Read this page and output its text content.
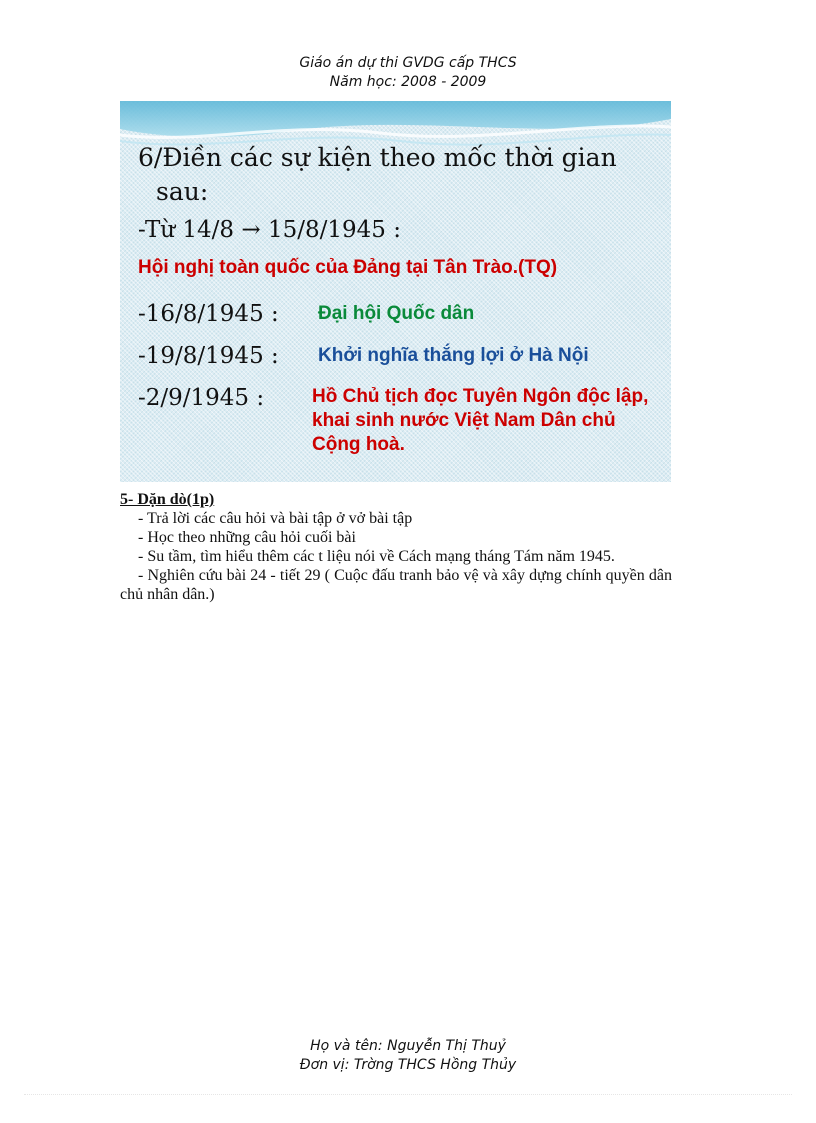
Giáo án dự thi GVDG cấp THCS
Năm học: 2008 - 2009
6/Điền các sự kiện theo mốc thời gian
sau:
-Từ 14/8 → 15/8/1945 :
Hội nghị toàn quốc của Đảng tại Tân Trào.(TQ)
-16/8/1945 : Đại hội Quốc dân
-19/8/1945 : Khởi nghĩa thắng lợi ở Hà Nội
-2/9/1945 :	Hồ Chủ tịch đọc Tuyên Ngôn độc lập, khai sinh nước Việt Nam Dân chủ Cộng hoà.
5- Dặn dò(1p)

- Trả lời các câu hỏi và bài tập ở vở bài tập

- Học theo những câu hỏi cuối bài

- Su tầm, tìm hiểu thêm các t liệu nói về Cách mạng tháng Tám năm 1945.

- Nghiên cứu bài 24 - tiết 29 ( Cuộc đấu tranh bảo vệ và xây dựng chính quyền dân chủ nhân dân.)

Họ và tên: Nguyễn Thị Thuỷ
Đơn vị: Trờng THCS Hồng Thủy
